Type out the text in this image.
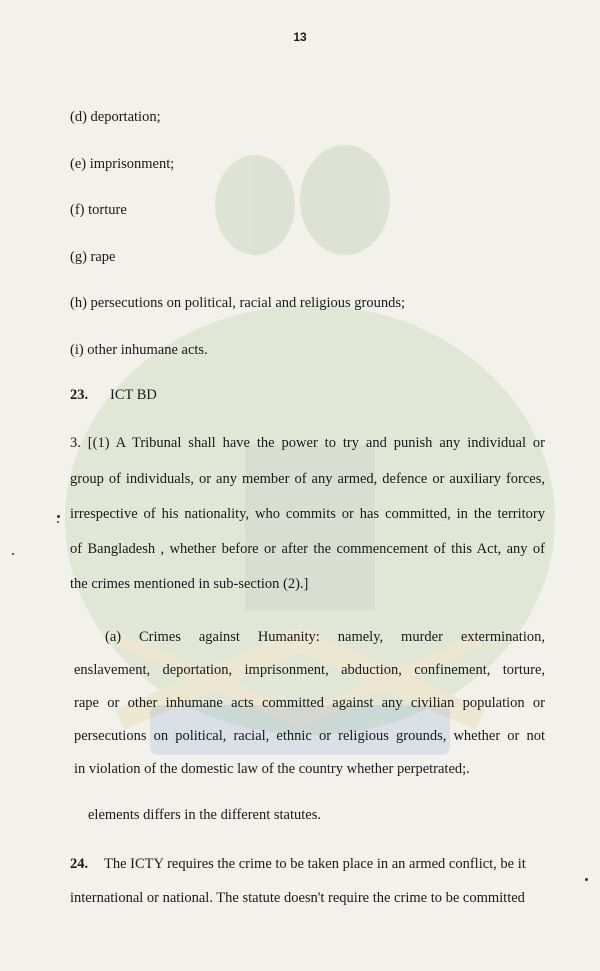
13
(d) deportation;
(e) imprisonment;
(f) torture
(g) rape
(h) persecutions on political, racial and religious grounds;
(i) other inhumane acts.
23. ICT BD
3. [(1) A Tribunal shall have the power to try and punish any individual or
group of individuals, or any member of any armed, defence or auxiliary forces,
irrespective of his nationality, who commits or has committed, in the territory
of Bangladesh , whether before or after the commencement of this Act, any of
the crimes mentioned in sub-section (2).]
(a) Crimes against Humanity: namely, murder extermination,
enslavement, deportation, imprisonment, abduction, confinement, torture,
rape or other inhumane acts committed against any civilian population or
persecutions on political, racial, ethnic or religious grounds, whether or not
in violation of the domestic law of the country whether perpetrated;.
elements differs in the different statutes.
24. The ICTY requires the crime to be taken place in an armed conflict, be it
international or national. The statute doesn't require the crime to be committed
